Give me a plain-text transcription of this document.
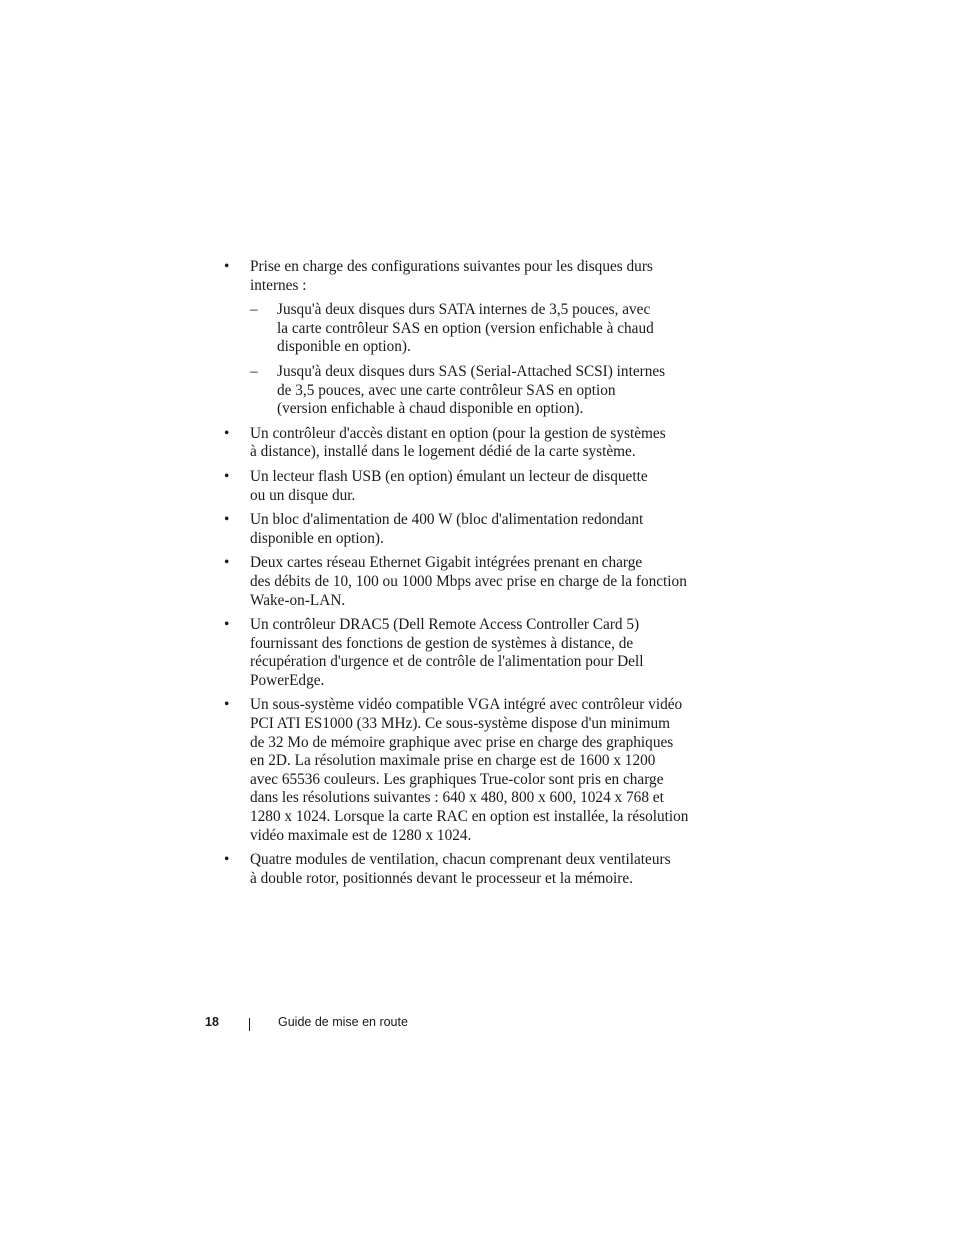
• Prise en charge des configurations suivantes pour les disques durs
internes :
– Jusqu'à deux disques durs SATA internes de 3,5 pouces, avec
la carte contrôleur SAS en option (version enfichable à chaud
disponible en option).
– Jusqu'à deux disques durs SAS (Serial-Attached SCSI) internes
de 3,5 pouces, avec une carte contrôleur SAS en option
(version enfichable à chaud disponible en option).
• Un contrôleur d'accès distant en option (pour la gestion de systèmes
à distance), installé dans le logement dédié de la carte système.
• Un lecteur flash USB (en option) émulant un lecteur de disquette
ou un disque dur.
• Un bloc d'alimentation de 400 W (bloc d'alimentation redondant
disponible en option).
• Deux cartes réseau Ethernet Gigabit intégrées prenant en charge
des débits de 10, 100 ou 1000 Mbps avec prise en charge de la fonction
Wake-on-LAN.
• Un contrôleur DRAC5 (Dell Remote Access Controller Card 5)
fournissant des fonctions de gestion de systèmes à distance, de
récupération d'urgence et de contrôle de l'alimentation pour Dell
PowerEdge.
• Un sous-système vidéo compatible VGA intégré avec contrôleur vidéo
PCI ATI ES1000 (33 MHz). Ce sous-système dispose d'un minimum
de 32 Mo de mémoire graphique avec prise en charge des graphiques
en 2D. La résolution maximale prise en charge est de 1600 x 1200
avec 65536 couleurs. Les graphiques True-color sont pris en charge
dans les résolutions suivantes : 640 x 480, 800 x 600, 1024 x 768 et
1280 x 1024. Lorsque la carte RAC en option est installée, la résolution
vidéo maximale est de 1280 x 1024.
• Quatre modules de ventilation, chacun comprenant deux ventilateurs
à double rotor, positionnés devant le processeur et la mémoire.
18	Guide de mise en route
